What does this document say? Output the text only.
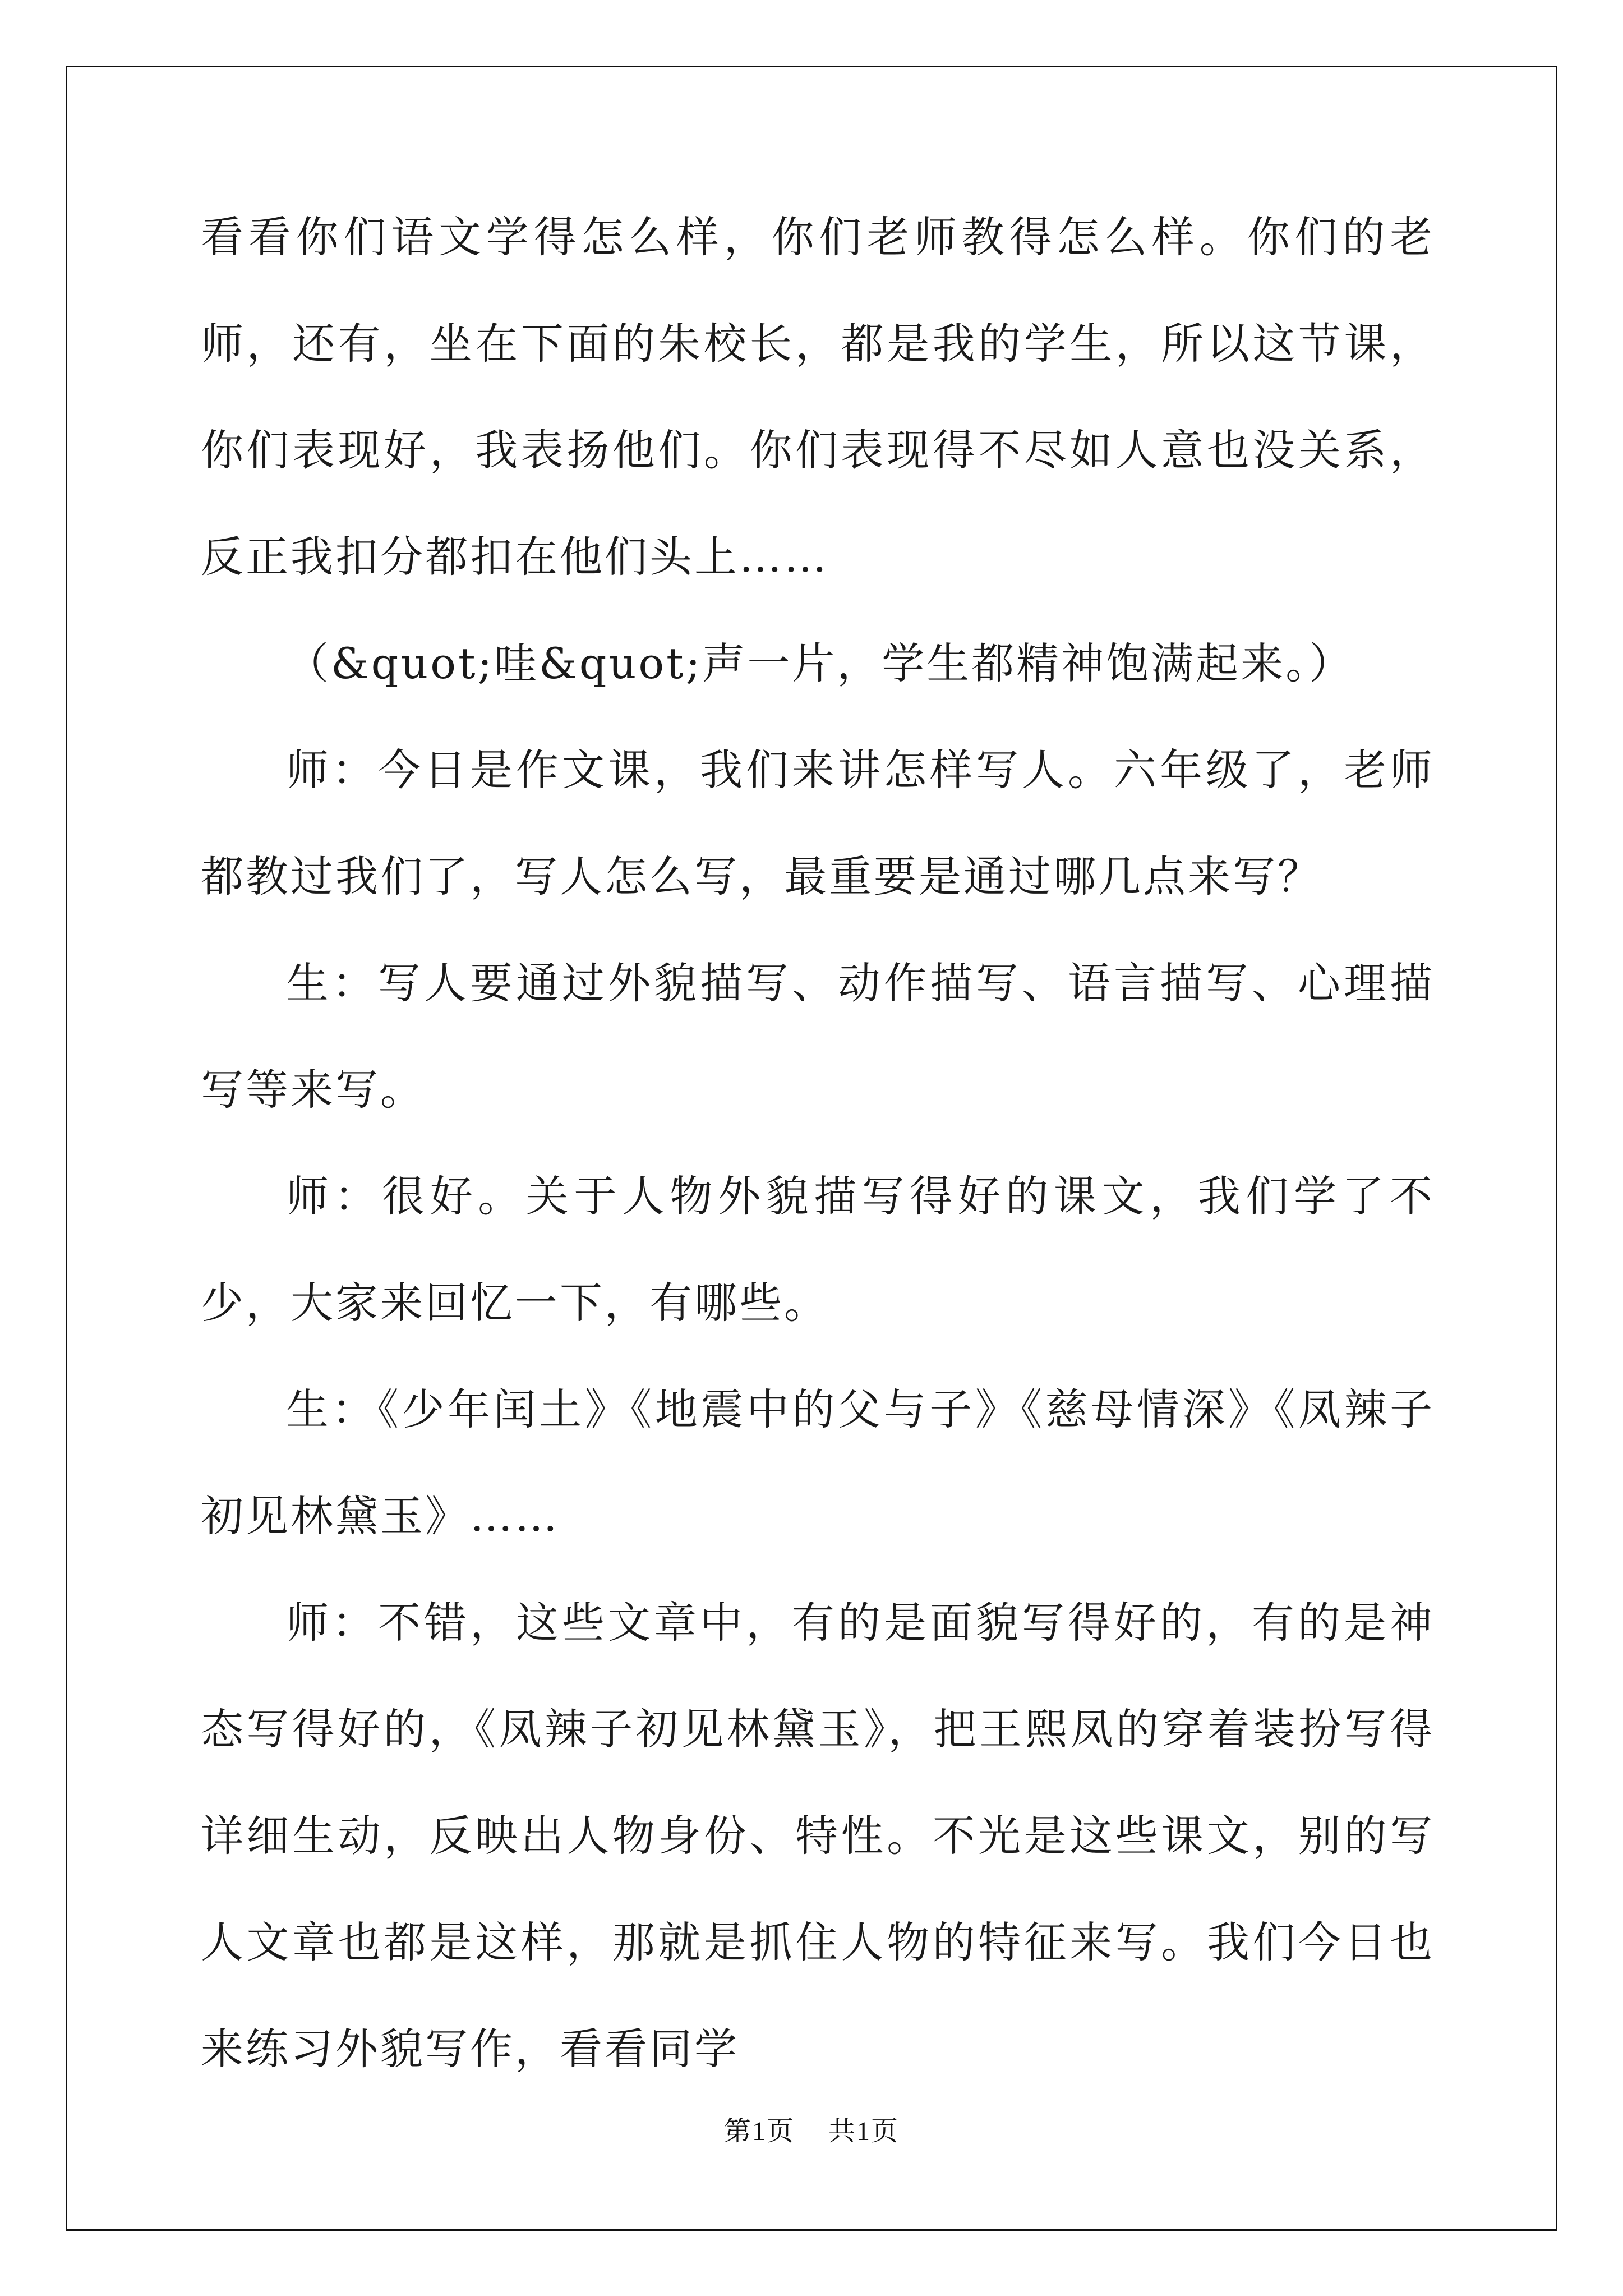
看看你们语文学得怎么样，你们老师教得怎么样。你们的老师，还有，坐在下面的朱校长，都是我的学生，所以这节课，你们表现好，我表扬他们。你们表现得不尽如人意也没关系，反正我扣分都扣在他们头上……

（&quot;哇&quot;声一片，学生都精神饱满起来。）

师：今日是作文课，我们来讲怎样写人。六年级了，老师都教过我们了，写人怎么写，最重要是通过哪几点来写？

生：写人要通过外貌描写、动作描写、语言描写、心理描写等来写。

师：很好。关于人物外貌描写得好的课文，我们学了不少，大家来回忆一下，有哪些。

生：《少年闰土》《地震中的父与子》《慈母情深》《凤辣子初见林黛玉》……

师：不错，这些文章中，有的是面貌写得好的，有的是神态写得好的，《凤辣子初见林黛玉》，把王熙凤的穿着装扮写得详细生动，反映出人物身份、特性。不光是这些课文，别的写人文章也都是这样，那就是抓住人物的特征来写。我们今日也来练习外貌写作，看看同学

第1页 共1页
